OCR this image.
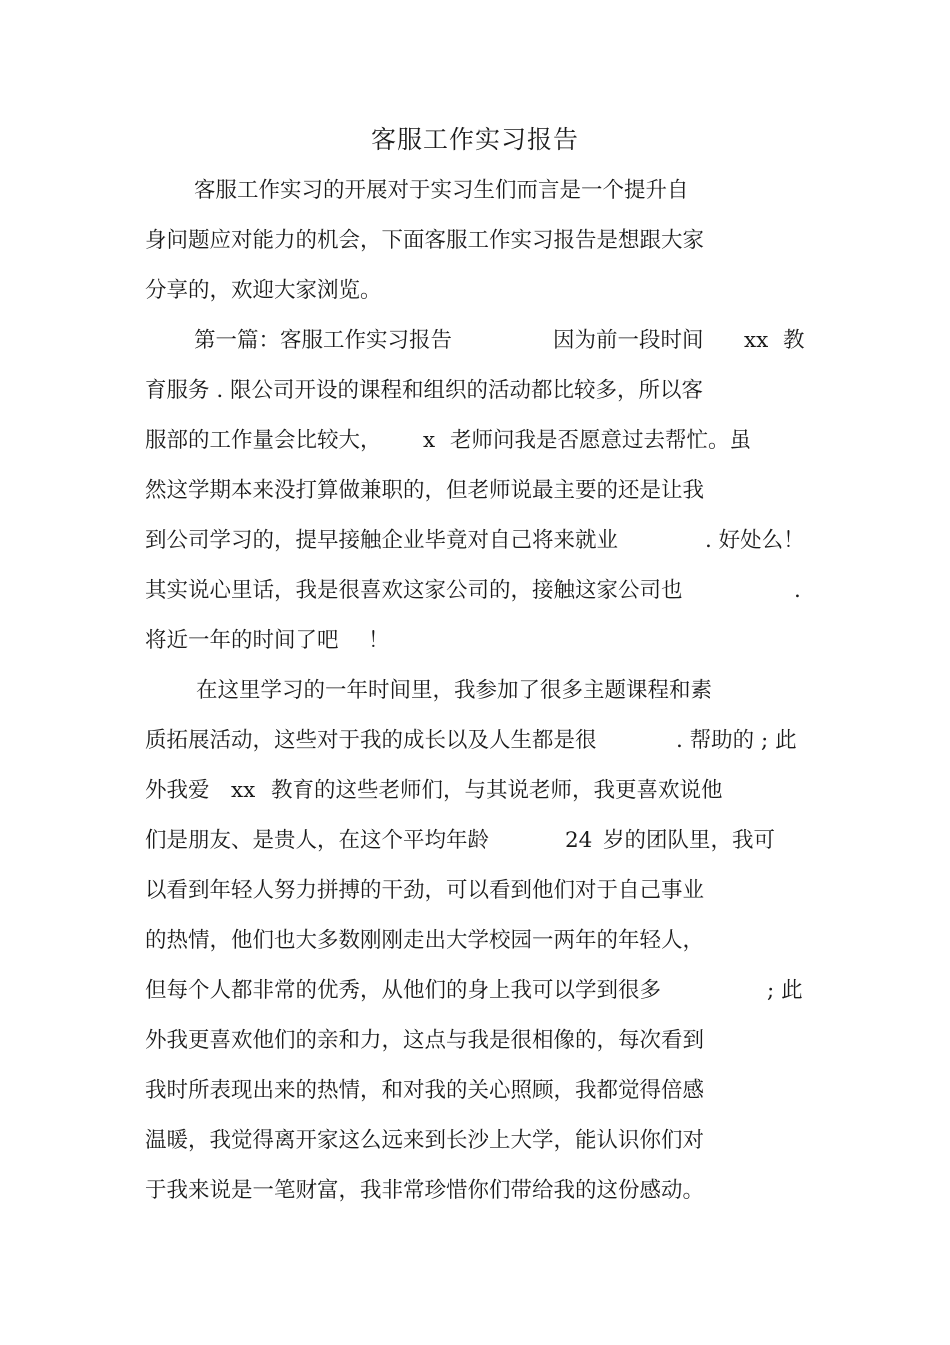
客服工作实习报告
客服工作实习的开展对于实习生们而言是一个提升自
身问题应对能力的机会，下面客服工作实习报告是想跟大家
分享的，欢迎大家浏览。
第一篇：客服工作实习报告	因为前一段时间 xx 教
育服务 . 限公司开设的课程和组织的活动都比较多，所以客
服部的工作量会比较大， x 老师问我是否愿意过去帮忙。虽
然这学期本来没打算做兼职的，但老师说最主要的还是让我
到公司学习的，提早接触企业毕竟对自己将来就业	. 好处么！
其实说心里话，我是很喜欢这家公司的，接触这家公司也	.
将近一年的时间了吧 ！
在这里学习的一年时间里，我参加了很多主题课程和素
质拓展活动，这些对于我的成长以及人生都是很	. 帮助的 ; 此
外我爱 xx 教育的这些老师们，与其说老师，我更喜欢说他
们是朋友、是贵人，在这个平均年龄	24 岁的团队里，我可
以看到年轻人努力拼搏的干劲，可以看到他们对于自己事业
的热情，他们也大多数刚刚走出大学校园一两年的年轻人，
但每个人都非常的优秀，从他们的身上我可以学到很多	; 此
外我更喜欢他们的亲和力，这点与我是很相像的，每次看到
我时所表现出来的热情，和对我的关心照顾，我都觉得倍感
温暖，我觉得离开家这么远来到长沙上大学，能认识你们对
于我来说是一笔财富，我非常珍惜你们带给我的这份感动。
